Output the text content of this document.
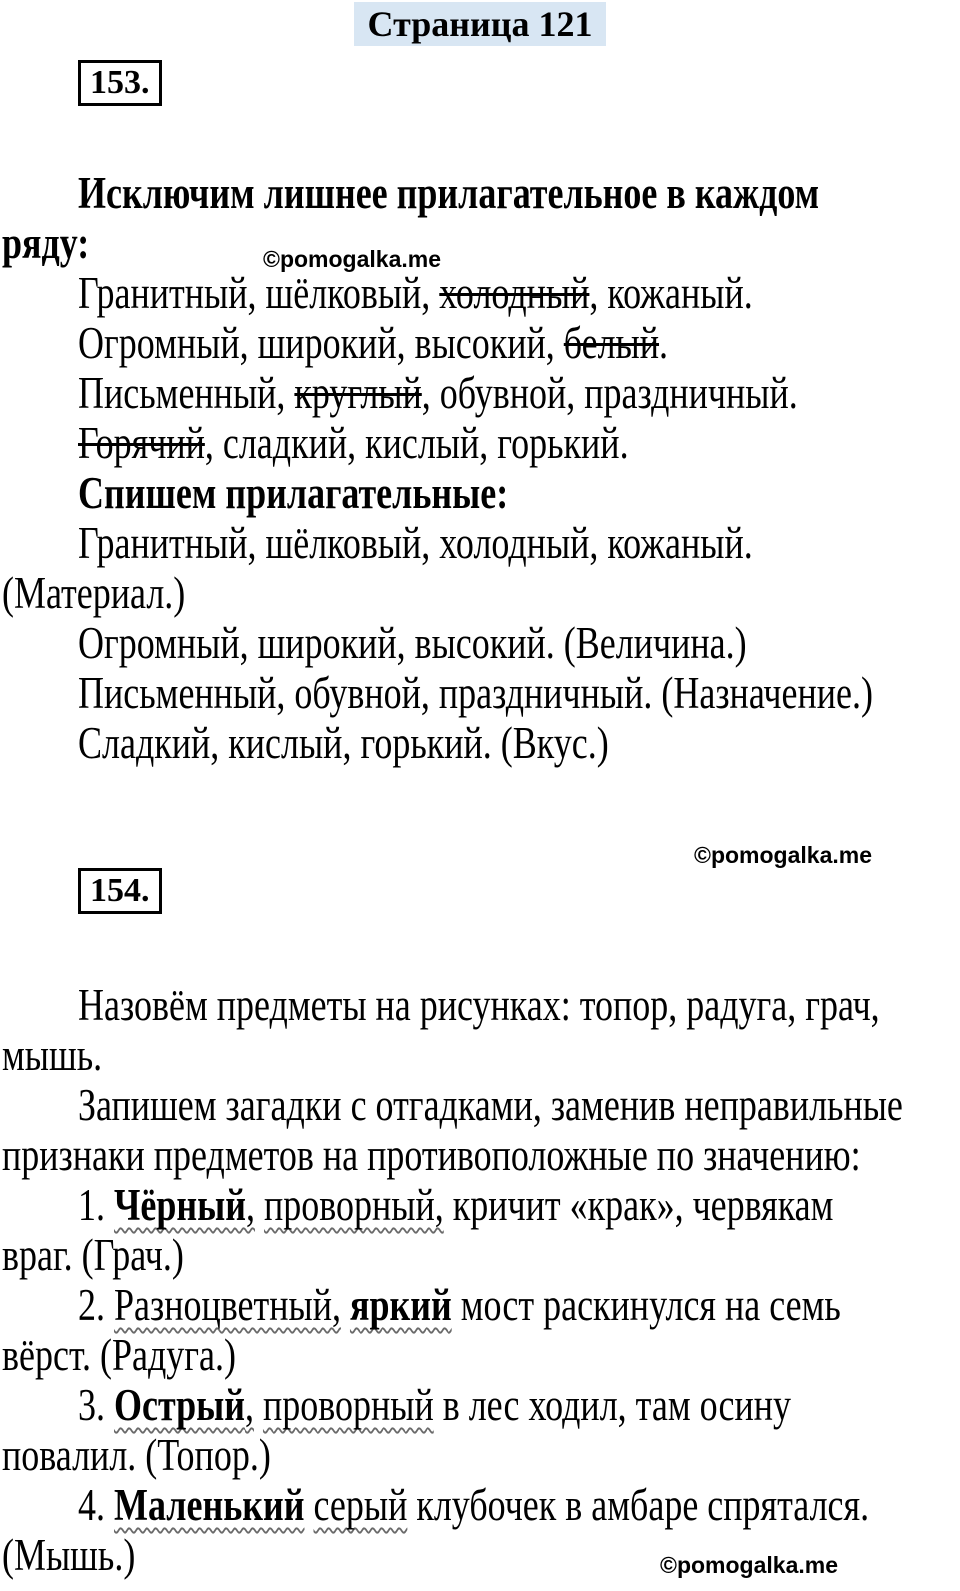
Страница 121
153.
Исключим лишнее прилагательное в каждом
ряду:
Гранитный, шёлковый, холодный, кожаный.
Огромный, широкий, высокий, белый.
Письменный, круглый, обувной, праздничный.
Горячий, сладкий, кислый, горький.
Спишем прилагательные:
Гранитный, шёлковый, холодный, кожаный.
(Материал.)
Огромный, широкий, высокий. (Величина.)
Письменный, обувной, праздничный. (Назначение.)
Сладкий, кислый, горький. (Вкус.)
154.
Назовём предметы на рисунках: топор, радуга, грач,
мышь.
Запишем загадки с отгадками, заменив неправильные
признаки предметов на противоположные по значению:
1. Чёрный, проворный, кричит «крак», червякам
враг. (Грач.)
2. Разноцветный, яркий мост раскинулся на семь
вёрст. (Радуга.)
3. Острый, проворный в лес ходил, там осину
повалил. (Топор.)
4. Маленький серый клубочек в амбаре спрятался.
(Мышь.)
©pomogalka.me
©pomogalka.me
©pomogalka.me
